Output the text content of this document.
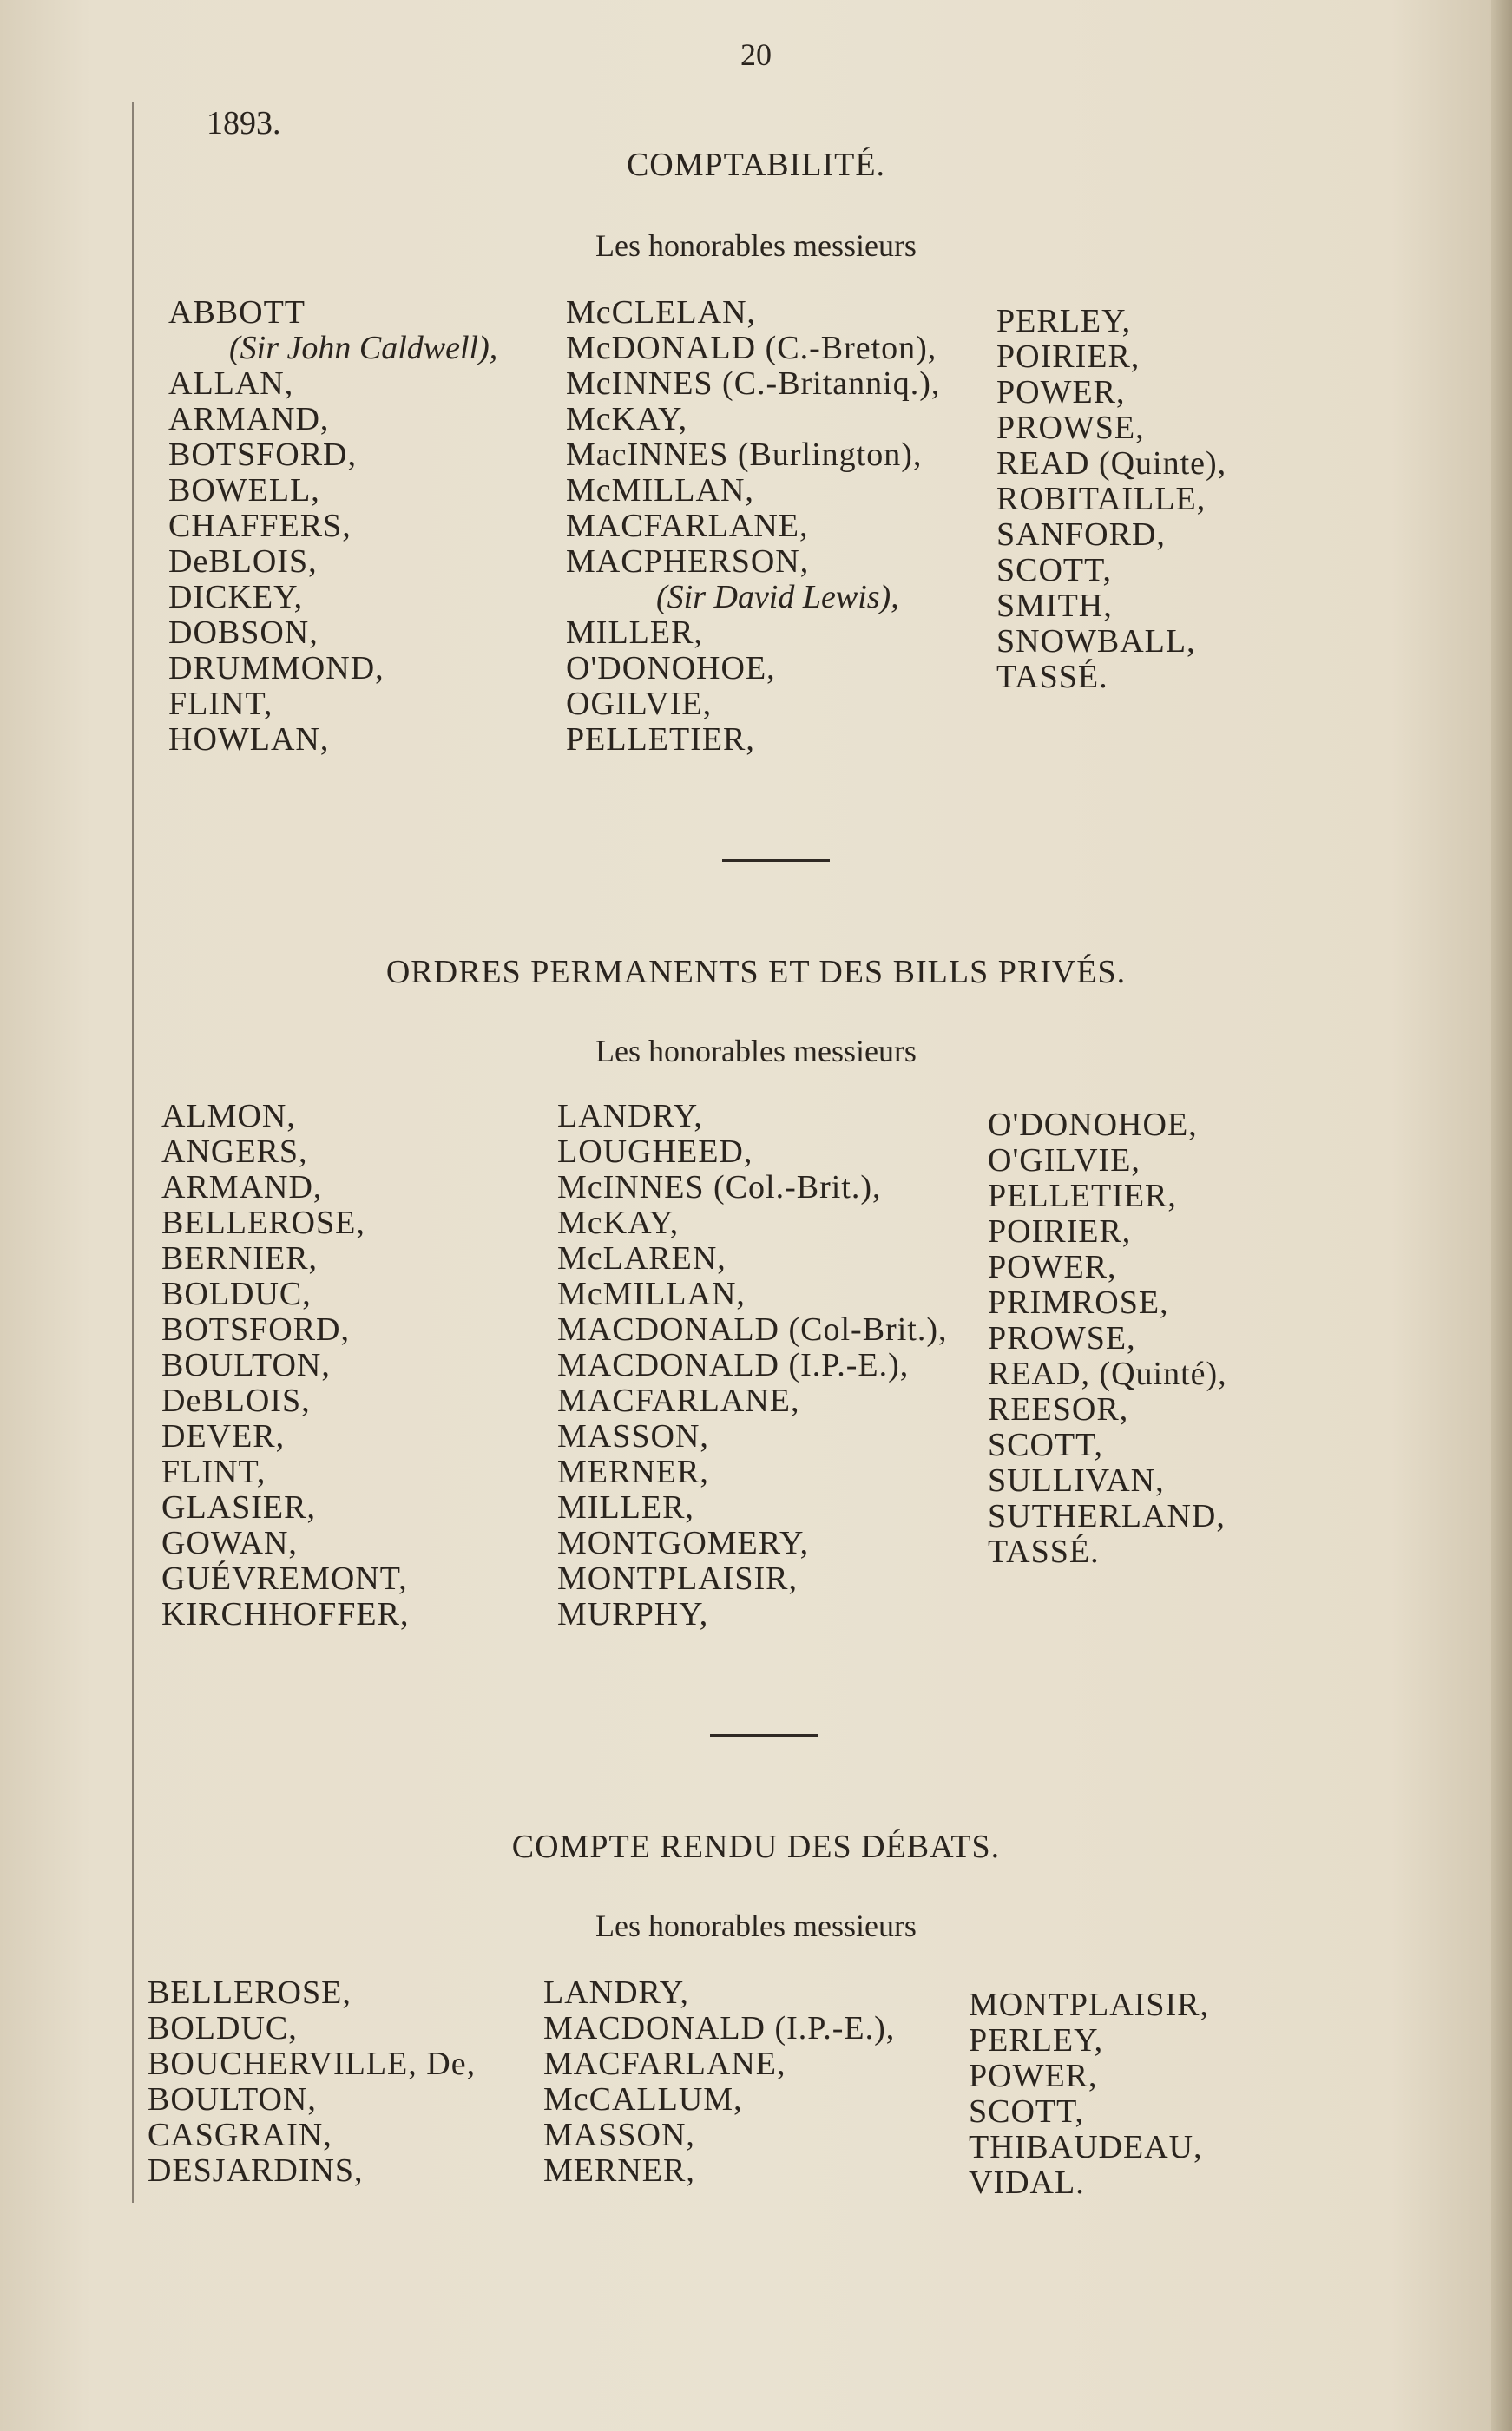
20
1893.
COMPTABILITÉ.
Les honorables messieurs
ABBOTT
(Sir John Caldwell),
ALLAN,
ARMAND,
BOTSFORD,
BOWELL,
CHAFFERS,
DeBLOIS,
DICKEY,
DOBSON,
DRUMMOND,
FLINT,
HOWLAN,
McCLELAN,
McDONALD (C.-Breton),
McINNES (C.-Britanniq.),
McKAY,
MacINNES (Burlington),
McMILLAN,
MACFARLANE,
MACPHERSON,
(Sir David Lewis),
MILLER,
O'DONOHOE,
OGILVIE,
PELLETIER,
PERLEY,
POIRIER,
POWER,
PROWSE,
READ (Quinte),
ROBITAILLE,
SANFORD,
SCOTT,
SMITH,
SNOWBALL,
TASSÉ.
ORDRES PERMANENTS ET DES BILLS PRIVÉS.
Les honorables messieurs
ALMON,
ANGERS,
ARMAND,
BELLEROSE,
BERNIER,
BOLDUC,
BOTSFORD,
BOULTON,
DeBLOIS,
DEVER,
FLINT,
GLASIER,
GOWAN,
GUÉVREMONT,
KIRCHHOFFER,
LANDRY,
LOUGHEED,
McINNES (Col.-Brit.),
McKAY,
McLAREN,
McMILLAN,
MACDONALD (Col-Brit.),
MACDONALD (I.P.-E.),
MACFARLANE,
MASSON,
MERNER,
MILLER,
MONTGOMERY,
MONTPLAISIR,
MURPHY,
O'DONOHOE,
O'GILVIE,
PELLETIER,
POIRIER,
POWER,
PRIMROSE,
PROWSE,
READ, (Quinté),
REESOR,
SCOTT,
SULLIVAN,
SUTHERLAND,
TASSÉ.
COMPTE RENDU DES DÉBATS.
Les honorables messieurs
BELLEROSE,
BOLDUC,
BOUCHERVILLE, De,
BOULTON,
CASGRAIN,
DESJARDINS,
LANDRY,
MACDONALD (I.P.-E.),
MACFARLANE,
McCALLUM,
MASSON,
MERNER,
MONTPLAISIR,
PERLEY,
POWER,
SCOTT,
THIBAUDEAU,
VIDAL.
